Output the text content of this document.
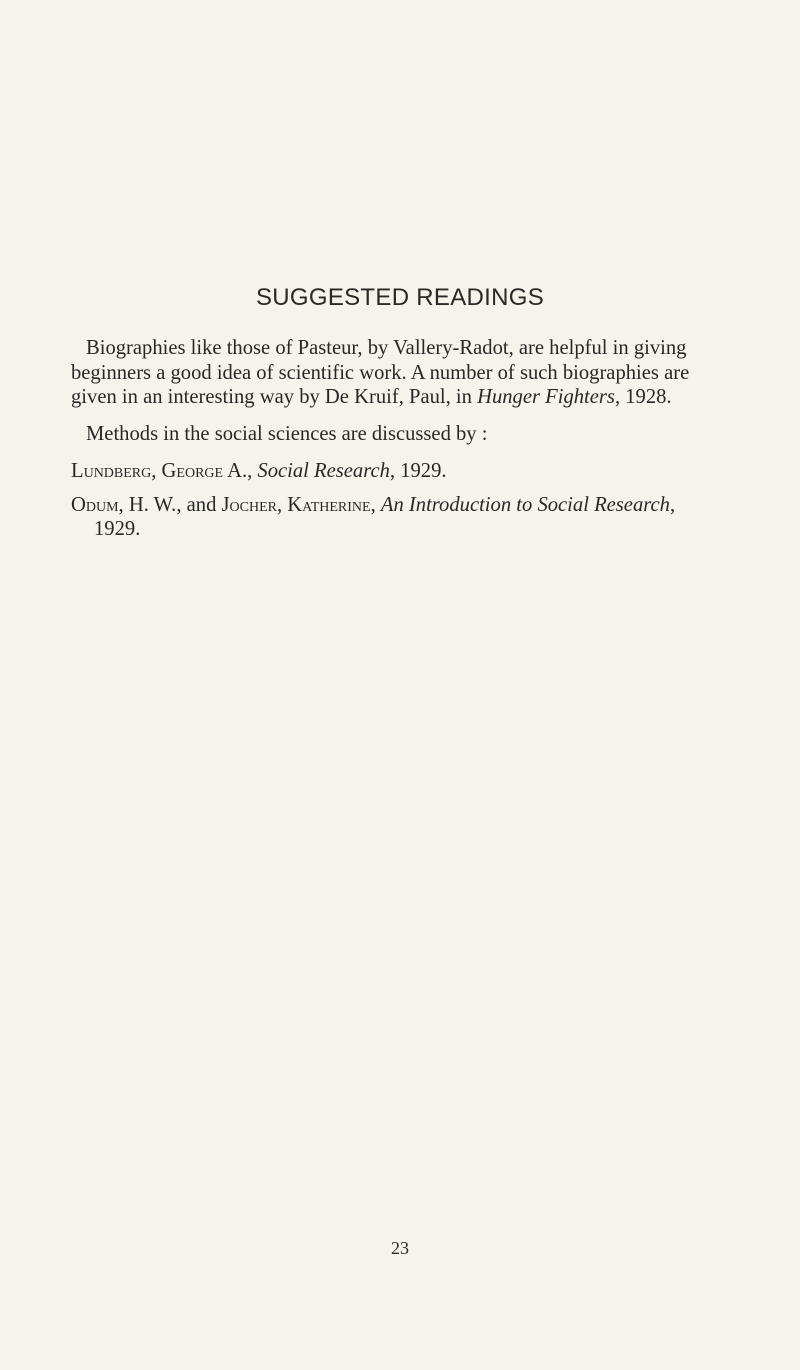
SUGGESTED READINGS

Biographies like those of Pasteur, by Vallery-Radot, are helpful in giving beginners a good idea of scientific work. A number of such biographies are given in an interesting way by De Kruif, Paul, in Hunger Fighters, 1928.

Methods in the social sciences are discussed by :

Lundberg, George A., Social Research, 1929.

Odum, H. W., and Jocher, Katherine, An Introduction to Social Research, 1929.

23
